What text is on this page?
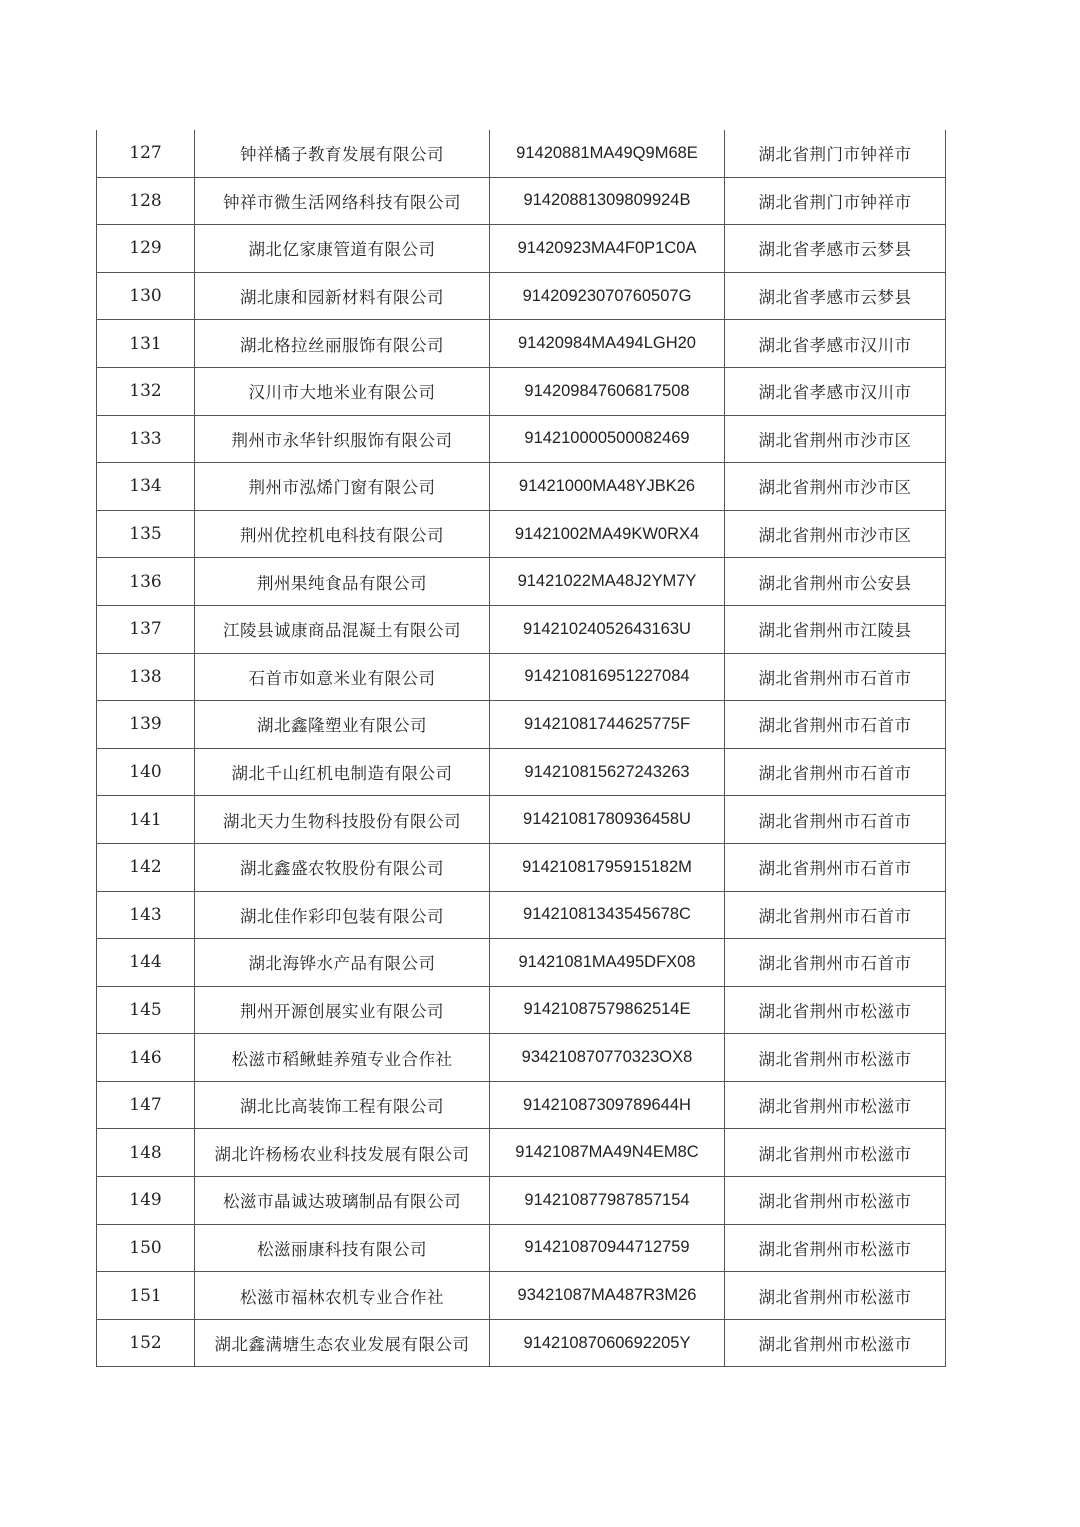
127	钟祥橘子教育发展有限公司	91420881MA49Q9M68E	湖北省荆门市钟祥市
128	钟祥市微生活网络科技有限公司	91420881309809924B	湖北省荆门市钟祥市
129	湖北亿家康管道有限公司	91420923MA4F0P1C0A	湖北省孝感市云梦县
130	湖北康和园新材料有限公司	91420923070760507G	湖北省孝感市云梦县
131	湖北格拉丝丽服饰有限公司	91420984MA494LGH20	湖北省孝感市汉川市
132	汉川市大地米业有限公司	914209847606817508	湖北省孝感市汉川市
133	荆州市永华针织服饰有限公司	914210000500082469	湖北省荆州市沙市区
134	荆州市泓烯门窗有限公司	91421000MA48YJBK26	湖北省荆州市沙市区
135	荆州优控机电科技有限公司	91421002MA49KW0RX4	湖北省荆州市沙市区
136	荆州果纯食品有限公司	91421022MA48J2YM7Y	湖北省荆州市公安县
137	江陵县诚康商品混凝土有限公司	91421024052643163U	湖北省荆州市江陵县
138	石首市如意米业有限公司	914210816951227084	湖北省荆州市石首市
139	湖北鑫隆塑业有限公司	91421081744625775F	湖北省荆州市石首市
140	湖北千山红机电制造有限公司	914210815627243263	湖北省荆州市石首市
141	湖北天力生物科技股份有限公司	91421081780936458U	湖北省荆州市石首市
142	湖北鑫盛农牧股份有限公司	91421081795915182M	湖北省荆州市石首市
143	湖北佳作彩印包装有限公司	91421081343545678C	湖北省荆州市石首市
144	湖北海铧水产品有限公司	91421081MA495DFX08	湖北省荆州市石首市
145	荆州开源创展实业有限公司	91421087579862514E	湖北省荆州市松滋市
146	松滋市稻鳅蛙养殖专业合作社	934210870770323OX8	湖北省荆州市松滋市
147	湖北比高装饰工程有限公司	91421087309789644H	湖北省荆州市松滋市
148	湖北许杨杨农业科技发展有限公司	91421087MA49N4EM8C	湖北省荆州市松滋市
149	松滋市晶诚达玻璃制品有限公司	914210877987857154	湖北省荆州市松滋市
150	松滋丽康科技有限公司	914210870944712759	湖北省荆州市松滋市
151	松滋市福林农机专业合作社	93421087MA487R3M26	湖北省荆州市松滋市
152	湖北鑫满塘生态农业发展有限公司	91421087060692205Y	湖北省荆州市松滋市
